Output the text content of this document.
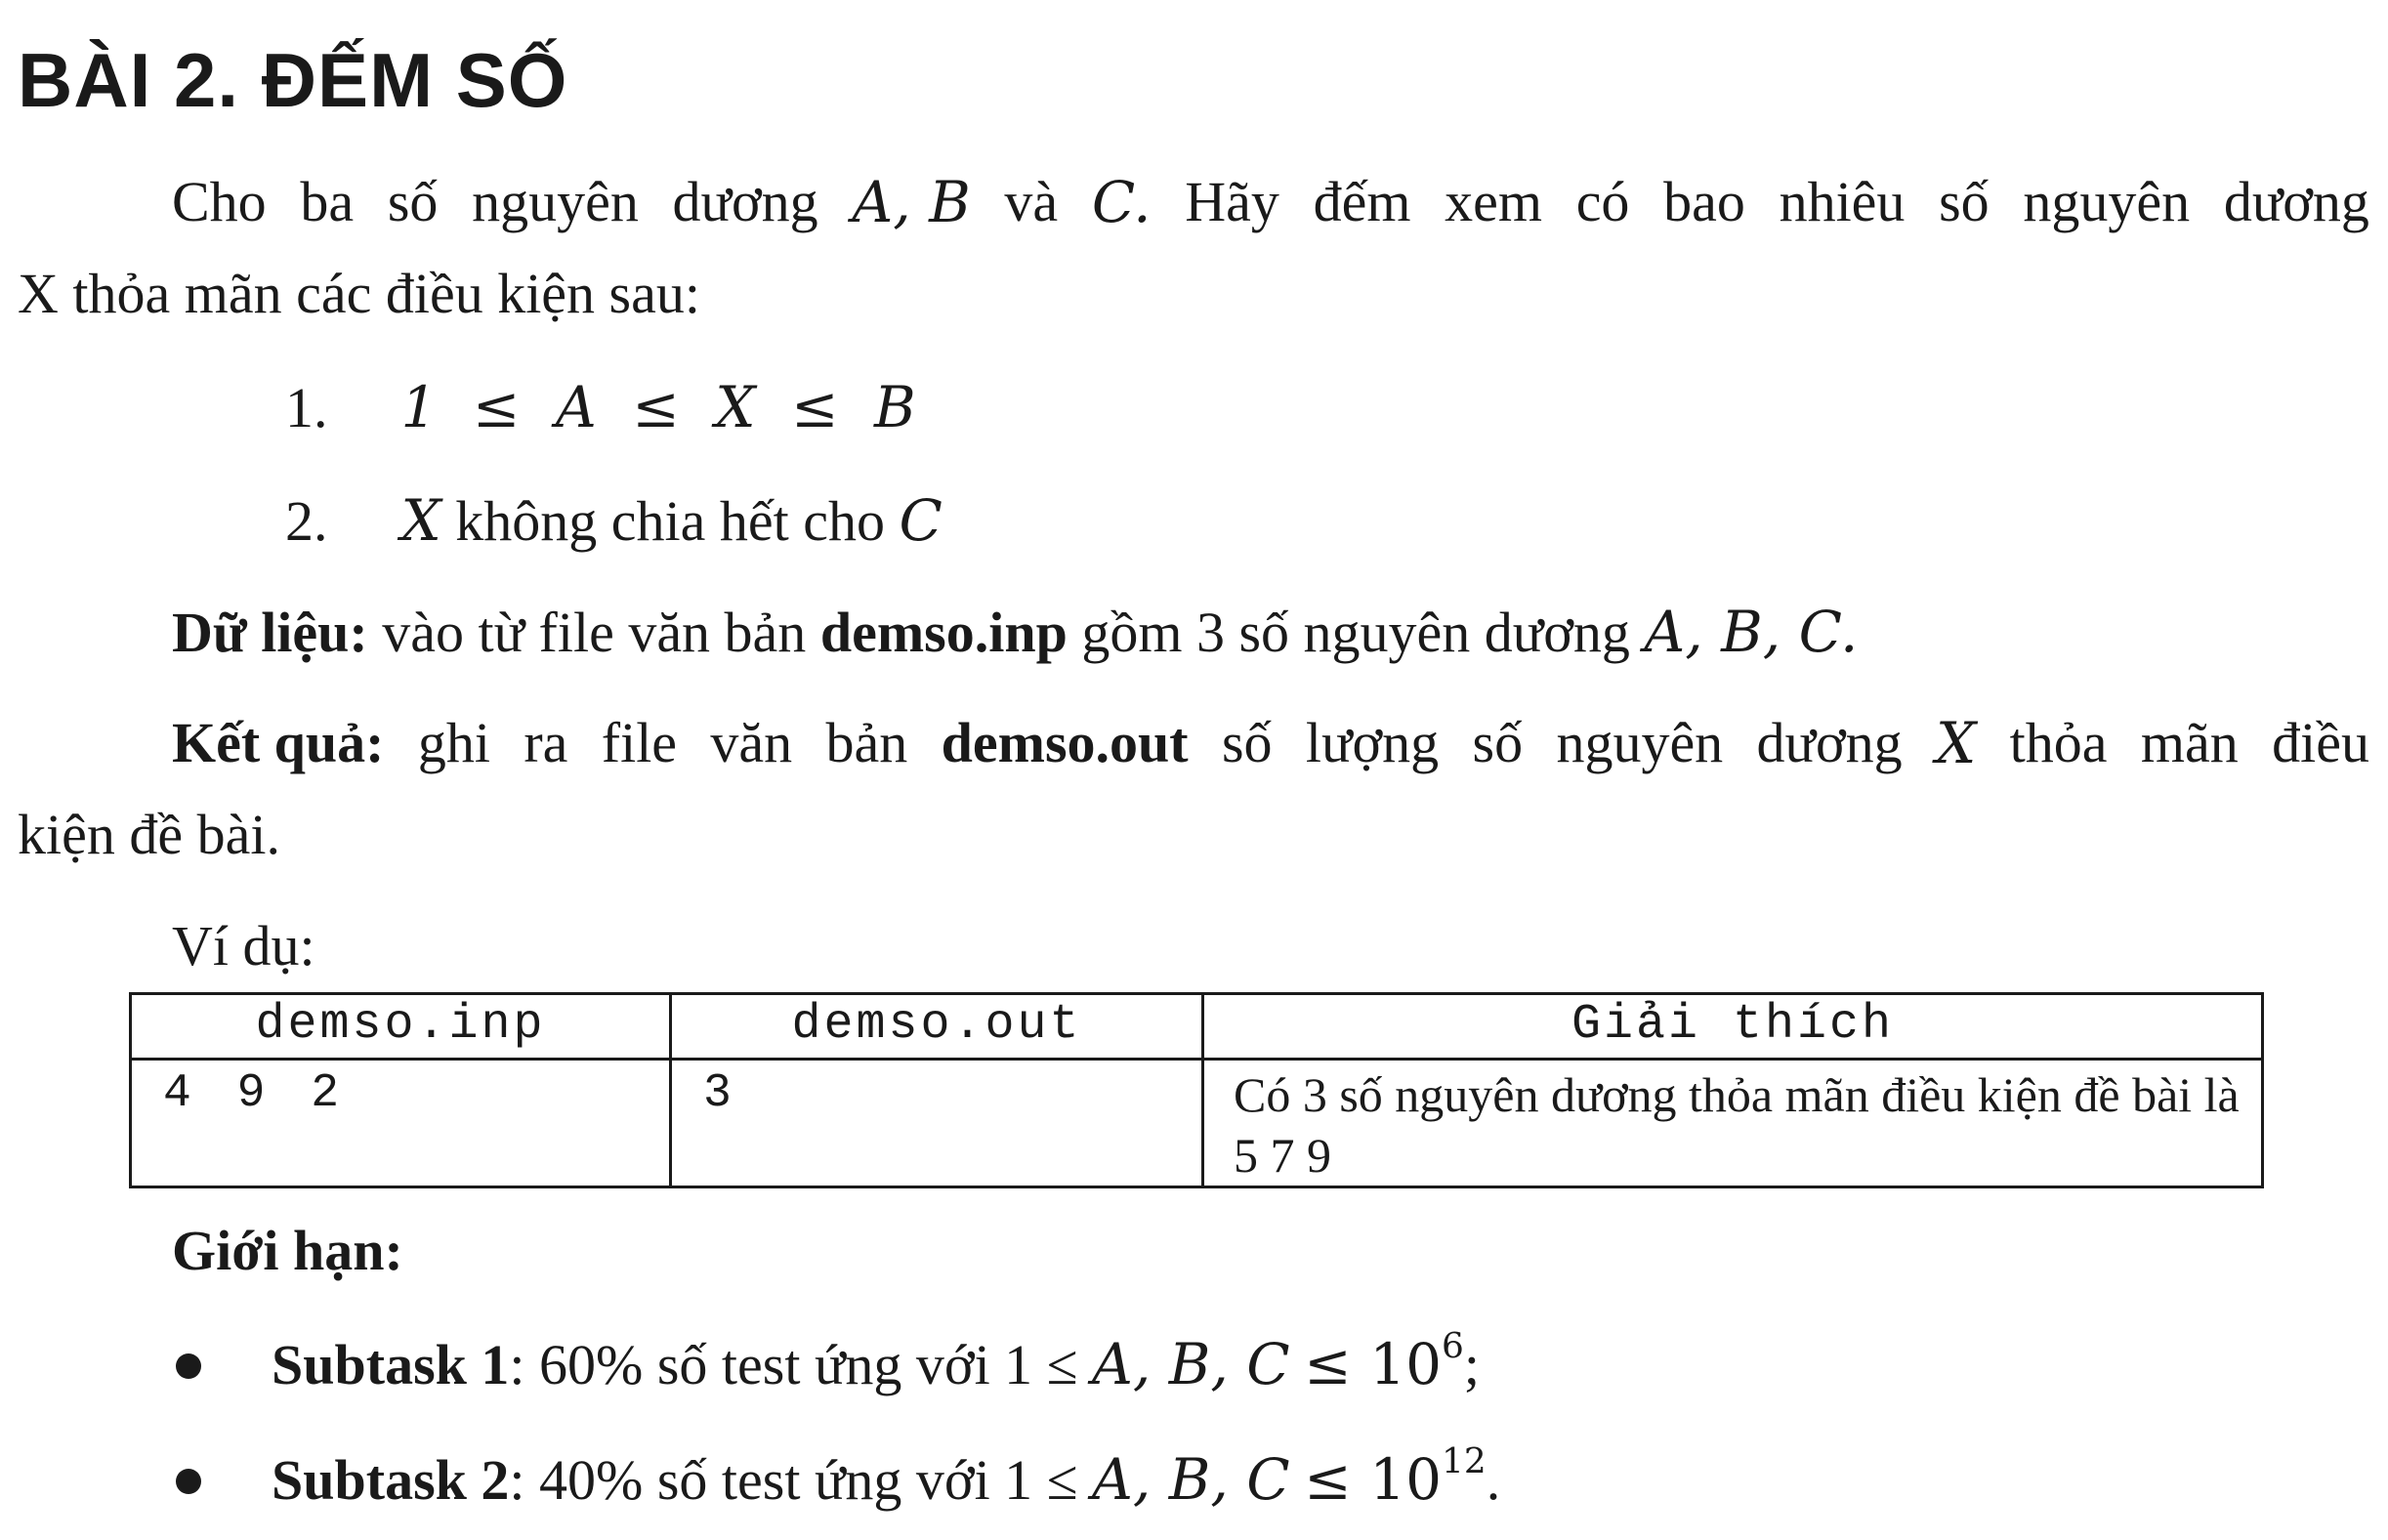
BÀI 2. ĐẾM SỐ
Cho ba số nguyên dương A, B và C. Hãy đếm xem có bao nhiêu số nguyên dương
X thỏa mãn các điều kiện sau:
1. 1 ≤ A ≤ X ≤ B
2. X không chia hết cho C
Dữ liệu: vào từ file văn bản demso.inp gồm 3 số nguyên dương A, B, C.
Kết quả: ghi ra file văn bản demso.out số lượng số nguyên dương X thỏa mãn điều
kiện đề bài.
Ví dụ:
demso.inp	demso.out	Giải thích
4 9 2	3	Có 3 số nguyên dương thỏa mãn điều kiện đề bài là 5 7 9
Giới hạn:
Subtask 1: 60% số test ứng với 1 ≤ A, B, $C \le 10^6$;
Subtask 2: 40% số test ứng với 1 ≤ A, B, $C \le 10^{12}$.
